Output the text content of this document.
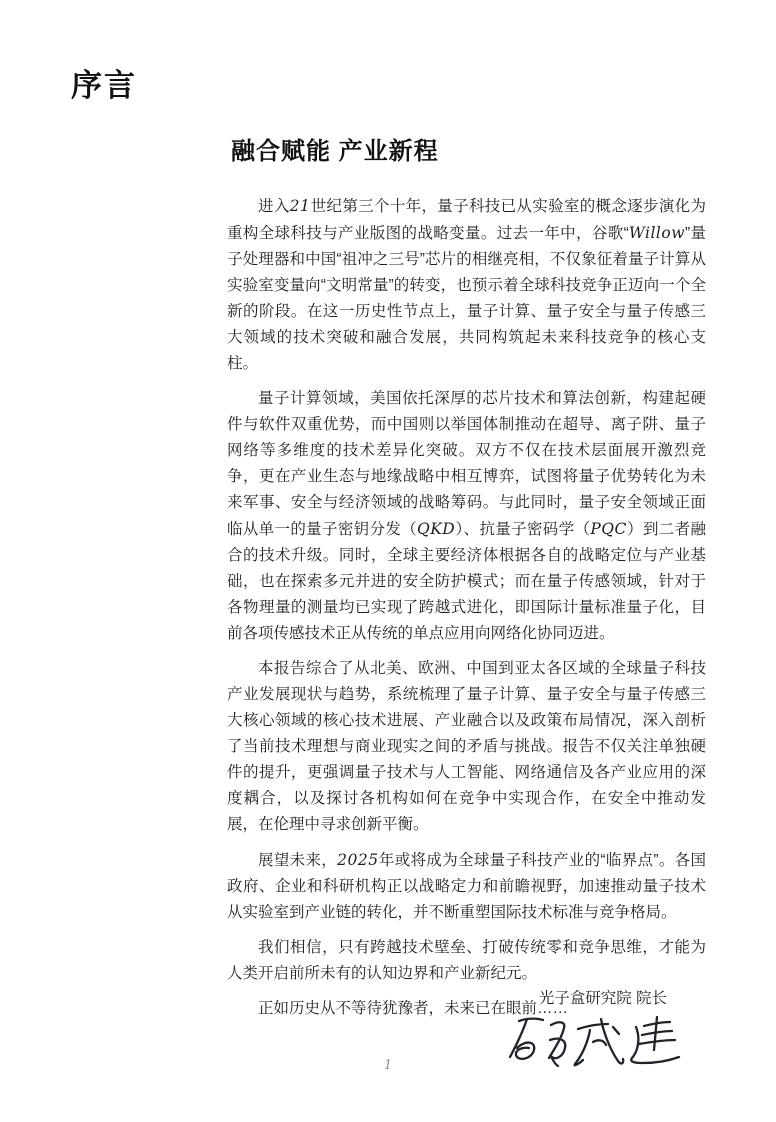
序言
融合赋能 产业新程

进入21世纪第三个十年，量子科技已从实验室的概念逐步演化为重构全球科技与产业版图的战略变量。过去一年中，谷歌“Willow”量子处理器和中国“祖冲之三号”芯片的相继亮相，不仅象征着量子计算从实验室变量向“文明常量”的转变，也预示着全球科技竞争正迈向一个全新的阶段。在这一历史性节点上，量子计算、量子安全与量子传感三大领域的技术突破和融合发展，共同构筑起未来科技竞争的核心支柱。

量子计算领域，美国依托深厚的芯片技术和算法创新，构建起硬件与软件双重优势，而中国则以举国体制推动在超导、离子阱、量子网络等多维度的技术差异化突破。双方不仅在技术层面展开激烈竞争，更在产业生态与地缘战略中相互博弈，试图将量子优势转化为未来军事、安全与经济领域的战略筹码。与此同时，量子安全领域正面临从单一的量子密钥分发（QKD）、抗量子密码学（PQC）到二者融合的技术升级。同时，全球主要经济体根据各自的战略定位与产业基础，也在探索多元并进的安全防护模式；而在量子传感领域，针对于各物理量的测量均已实现了跨越式进化，即国际计量标准量子化，目前各项传感技术正从传统的单点应用向网络化协同迈进。

本报告综合了从北美、欧洲、中国到亚太各区域的全球量子科技产业发展现状与趋势，系统梳理了量子计算、量子安全与量子传感三大核心领域的核心技术进展、产业融合以及政策布局情况，深入剖析了当前技术理想与商业现实之间的矛盾与挑战。报告不仅关注单独硬件的提升，更强调量子技术与人工智能、网络通信及各产业应用的深度耦合，以及探讨各机构如何在竞争中实现合作，在安全中推动发展，在伦理中寻求创新平衡。

展望未来，2025年或将成为全球量子科技产业的“临界点”。各国政府、企业和科研机构正以战略定力和前瞻视野，加速推动量子技术从实验室到产业链的转化，并不断重塑国际技术标准与竞争格局。

我们相信，只有跨越技术壁垒、打破传统零和竞争思维，才能为人类开启前所未有的认知边界和产业新纪元。

正如历史从不等待犹豫者，未来已在眼前……

光子盒研究院 院长
1
